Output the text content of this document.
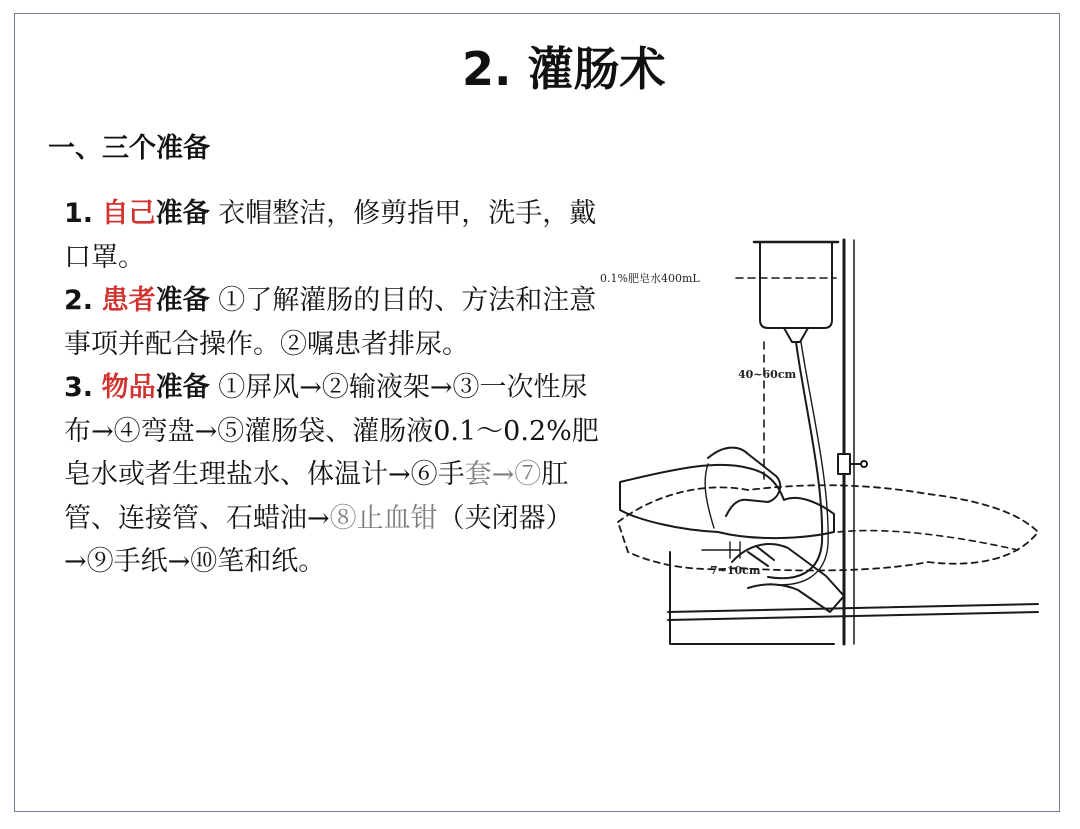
2. 灌肠术
一、三个准备

1. 自己准备 衣帽整洁，修剪指甲，洗手，戴口罩。

2. 患者准备 ①了解灌肠的目的、方法和注意事项并配合操作。②嘱患者排尿。

3. 物品准备 ①屏风→②输液架→③一次性尿布→④弯盘→⑤灌肠袋、灌肠液0.1～0.2%肥皂水或者生理盐水、体温计→⑥手套→⑦肛管、连接管、石蜡油→⑧止血钳（夹闭器）→⑨手纸→⑩笔和纸。

0.1%肥皂水400mL
40~60cm
7~10cm
